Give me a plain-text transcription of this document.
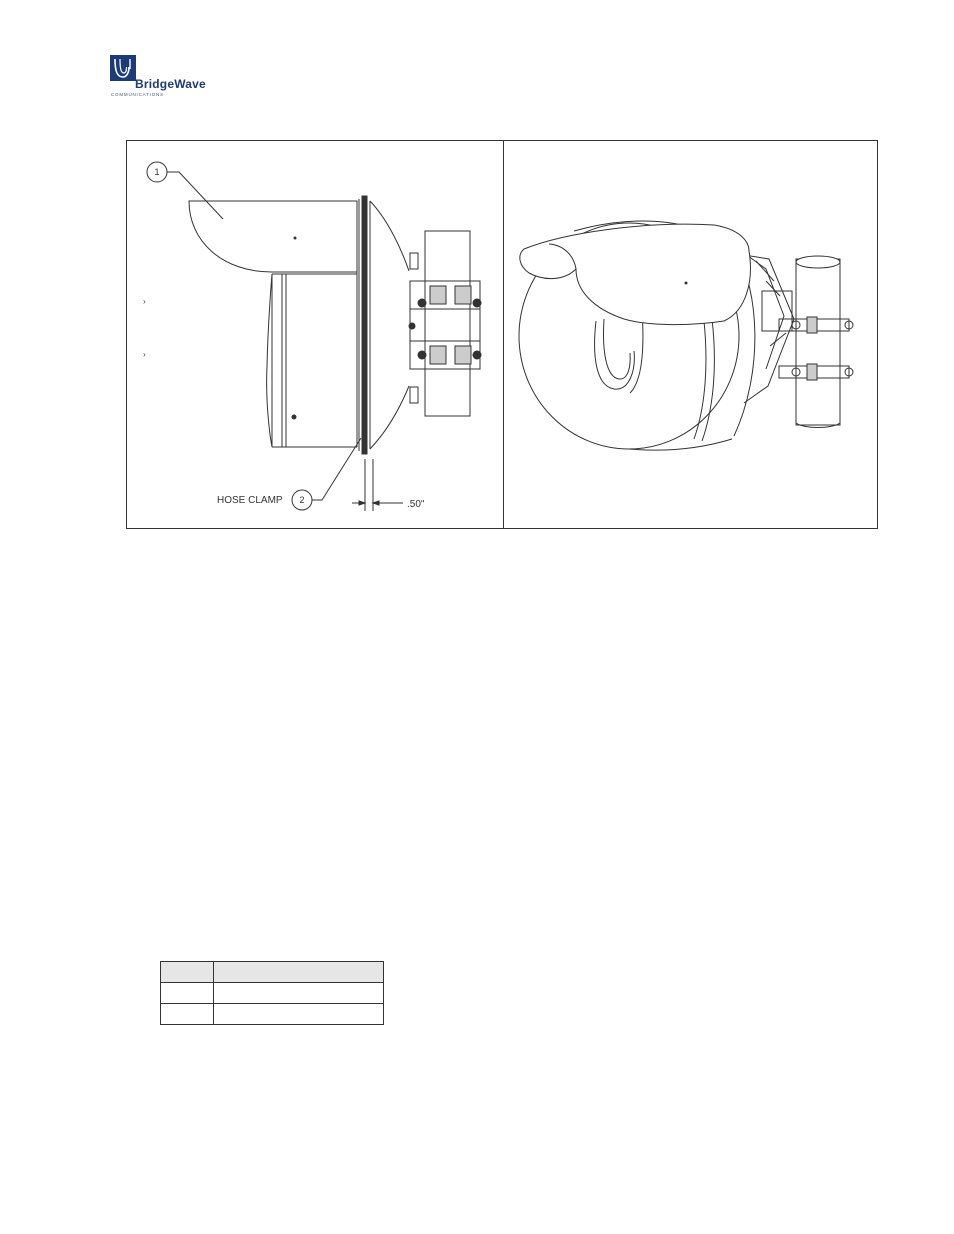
BridgeWave
COMMUNICATIONS
1
2
HOSE CLAMP	.50"
›
›
